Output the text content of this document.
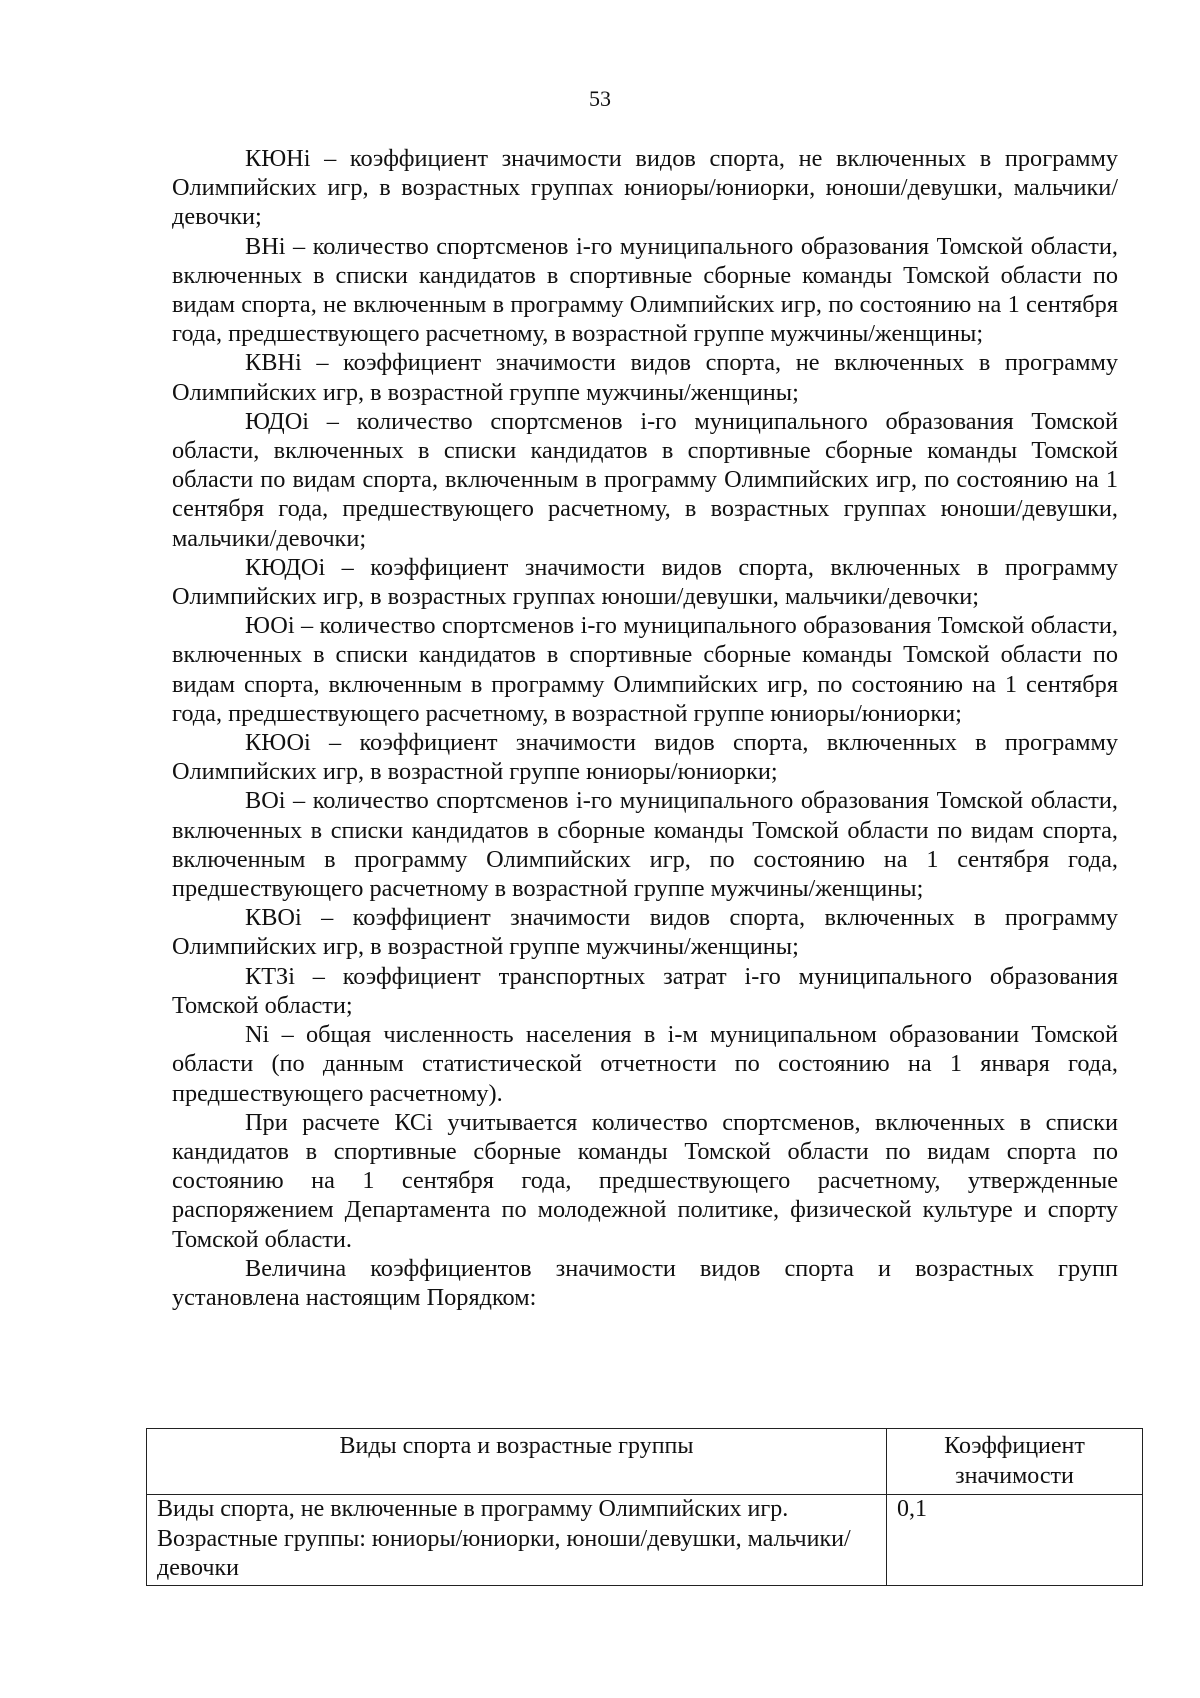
53

КЮНі – коэффициент значимости видов спорта, не включенных в программу Олимпийских игр, в возрастных группах юниоры/юниорки, юноши/девушки, мальчики/девочки;

ВНі – количество спортсменов і-го муниципального образования Томской области, включенных в списки кандидатов в спортивные сборные команды Томской области по видам спорта, не включенным в программу Олимпийских игр, по состоянию на 1 сентября года, предшествующего расчетному, в возрастной группе мужчины/женщины;

КВНі – коэффициент значимости видов спорта, не включенных в программу Олимпийских игр, в возрастной группе мужчины/женщины;

ЮДОі – количество спортсменов і-го муниципального образования Томской области, включенных в списки кандидатов в спортивные сборные команды Томской области по видам спорта, включенным в программу Олимпийских игр, по состоянию на 1 сентября года, предшествующего расчетному, в возрастных группах юноши/девушки, мальчики/девочки;

КЮДОі – коэффициент значимости видов спорта, включенных в программу Олимпийских игр, в возрастных группах юноши/девушки, мальчики/девочки;

ЮОі – количество спортсменов і-го муниципального образования Томской области, включенных в списки кандидатов в спортивные сборные команды Томской области по видам спорта, включенным в программу Олимпийских игр, по состоянию на 1 сентября года, предшествующего расчетному, в возрастной группе юниоры/юниорки;

КЮОі – коэффициент значимости видов спорта, включенных в программу Олимпийских игр, в возрастной группе юниоры/юниорки;

ВОі – количество спортсменов і-го муниципального образования Томской области, включенных в списки кандидатов в сборные команды Томской области по видам спорта, включенным в программу Олимпийских игр, по состоянию на 1 сентября года, предшествующего расчетному в возрастной группе мужчины/женщины;

КВОі – коэффициент значимости видов спорта, включенных в программу Олимпийских игр, в возрастной группе мужчины/женщины;

КТЗі – коэффициент транспортных затрат і-го муниципального образования Томской области;

Nі – общая численность населения в і-м муниципальном образовании Томской области (по данным статистической отчетности по состоянию на 1 января года, предшествующего расчетному).

При расчете КСі учитывается количество спортсменов, включенных в списки кандидатов в спортивные сборные команды Томской области по видам спорта по состоянию на 1 сентября года, предшествующего расчетному, утвержденные распоряжением Департамента по молодежной политике, физической культуре и спорту Томской области.

Величина коэффициентов значимости видов спорта и возрастных групп установлена настоящим Порядком:

Виды спорта и возрастные группы	Коэффициент значимости
Виды спорта, не включенные в программу Олимпийских игр. Возрастные группы: юниоры/юниорки, юноши/девушки, мальчики/девочки	0,1
